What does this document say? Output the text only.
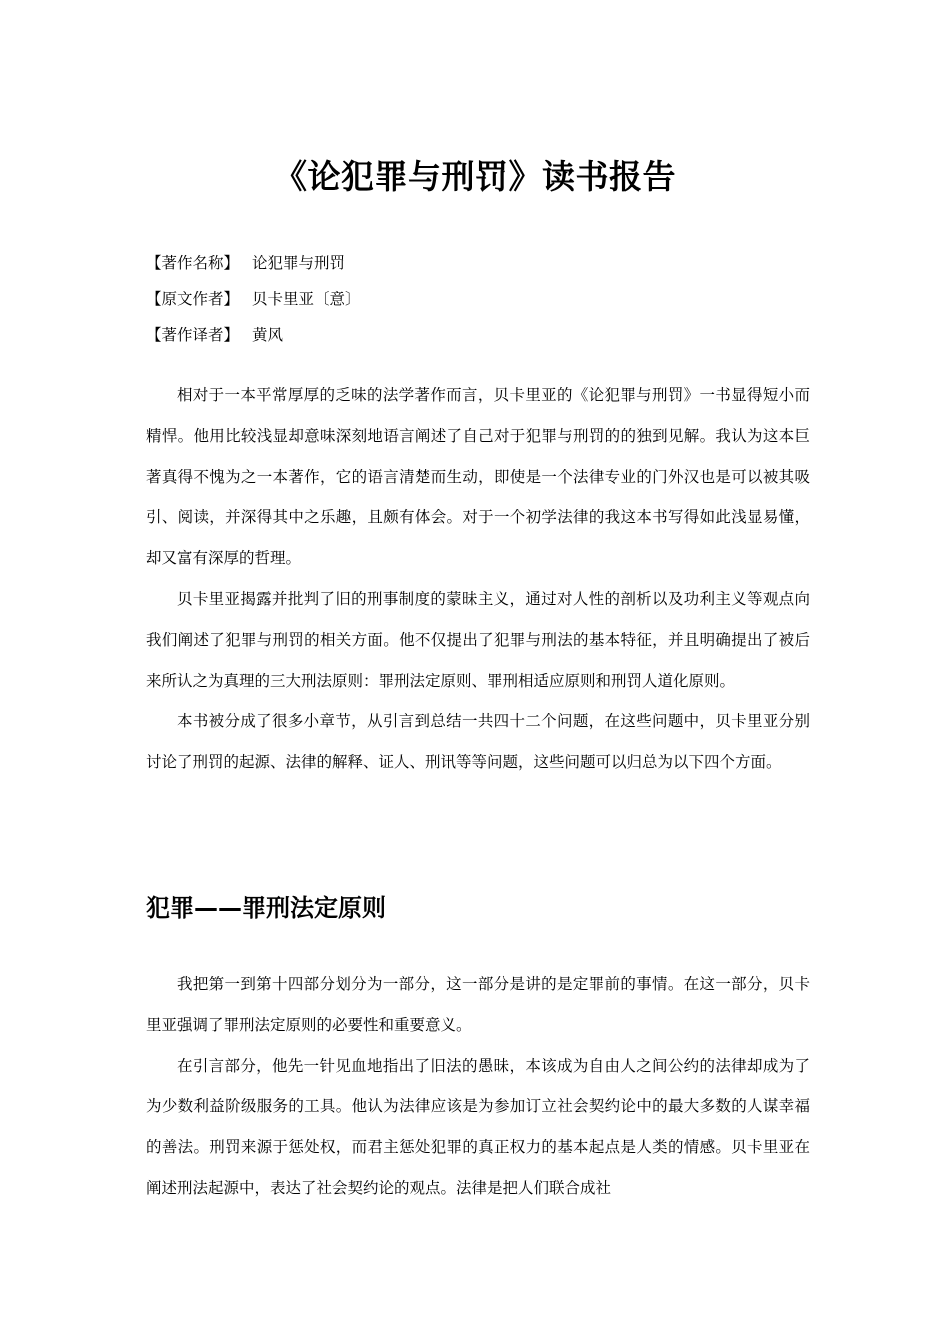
《论犯罪与刑罚》读书报告
【著作名称】 论犯罪与刑罚
【原文作者】 贝卡里亚〔意〕
【著作译者】 黄风

相对于一本平常厚厚的乏味的法学著作而言，贝卡里亚的《论犯罪与刑罚》一书显得短小而精悍。他用比较浅显却意味深刻地语言阐述了自己对于犯罪与刑罚的的独到见解。我认为这本巨著真得不愧为之一本著作，它的语言清楚而生动，即使是一个法律专业的门外汉也是可以被其吸引、阅读，并深得其中之乐趣，且颇有体会。对于一个初学法律的我这本书写得如此浅显易懂，却又富有深厚的哲理。

贝卡里亚揭露并批判了旧的刑事制度的蒙昧主义，通过对人性的剖析以及功利主义等观点向我们阐述了犯罪与刑罚的相关方面。他不仅提出了犯罪与刑法的基本特征，并且明确提出了被后来所认之为真理的三大刑法原则：罪刑法定原则、罪刑相适应原则和刑罚人道化原则。

本书被分成了很多小章节，从引言到总结一共四十二个问题，在这些问题中，贝卡里亚分别讨论了刑罚的起源、法律的解释、证人、刑讯等等问题，这些问题可以归总为以下四个方面。

犯罪——罪刑法定原则

我把第一到第十四部分划分为一部分，这一部分是讲的是定罪前的事情。在这一部分，贝卡里亚强调了罪刑法定原则的必要性和重要意义。

在引言部分，他先一针见血地指出了旧法的愚昧，本该成为自由人之间公约的法律却成为了为少数利益阶级服务的工具。他认为法律应该是为参加订立社会契约论中的最大多数的人谋幸福的善法。刑罚来源于惩处权，而君主惩处犯罪的真正权力的基本起点是人类的情感。贝卡里亚在阐述刑法起源中，表达了社会契约论的观点。法律是把人们联合成社
